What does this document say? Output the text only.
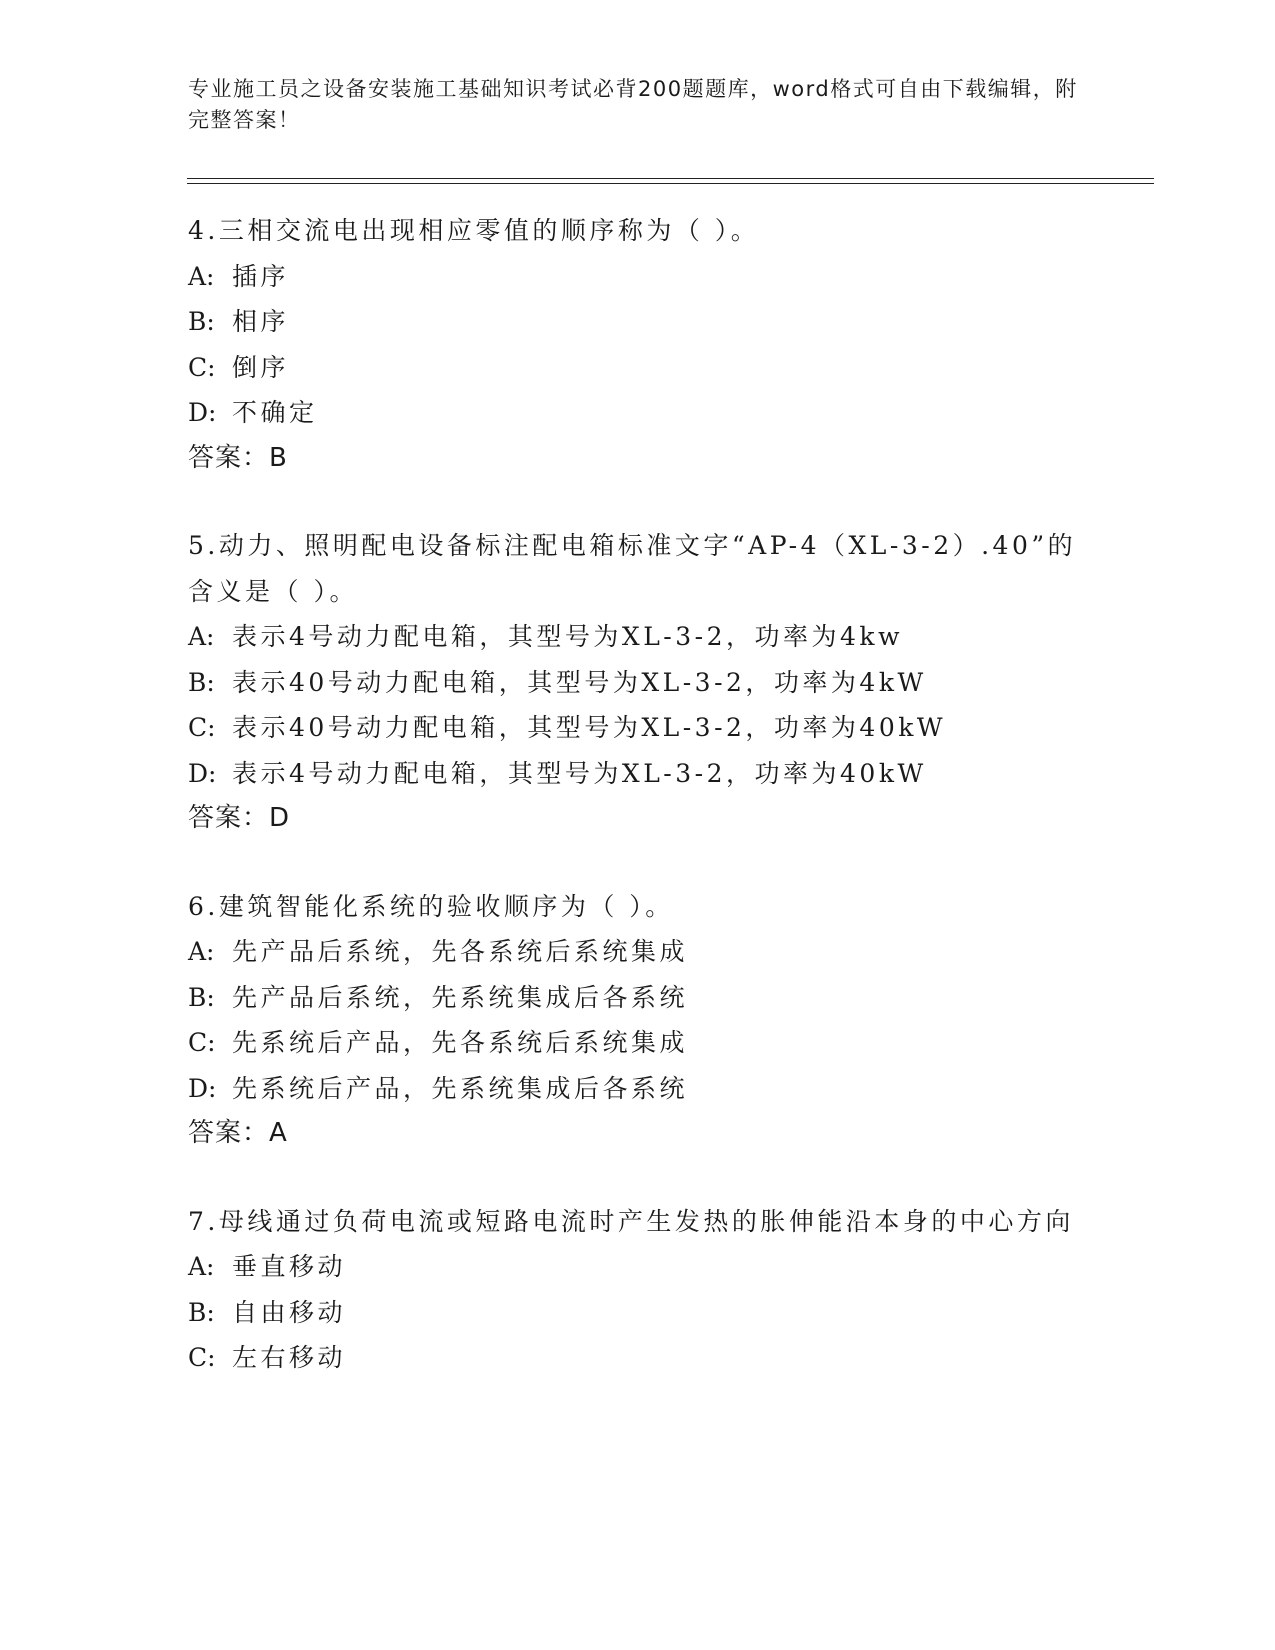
专业施工员之设备安装施工基础知识考试必背200题题库，word格式可自由下载编辑，附完整答案！
4.三相交流电出现相应零值的顺序称为（ ）。
A: 插序
B: 相序
C: 倒序
D: 不确定
答案：B
5.动力、照明配电设备标注配电箱标准文字“AP-4（XL-3-2）.40”的含义是（ ）。
A: 表示4号动力配电箱，其型号为XL-3-2，功率为4kw
B: 表示40号动力配电箱，其型号为XL-3-2，功率为4kW
C: 表示40号动力配电箱，其型号为XL-3-2，功率为40kW
D: 表示4号动力配电箱，其型号为XL-3-2，功率为40kW
答案：D
6.建筑智能化系统的验收顺序为（ ）。
A: 先产品后系统，先各系统后系统集成
B: 先产品后系统，先系统集成后各系统
C: 先系统后产品，先各系统后系统集成
D: 先系统后产品，先系统集成后各系统
答案：A
7.母线通过负荷电流或短路电流时产生发热的胀伸能沿本身的中心方向
A: 垂直移动
B: 自由移动
C: 左右移动
